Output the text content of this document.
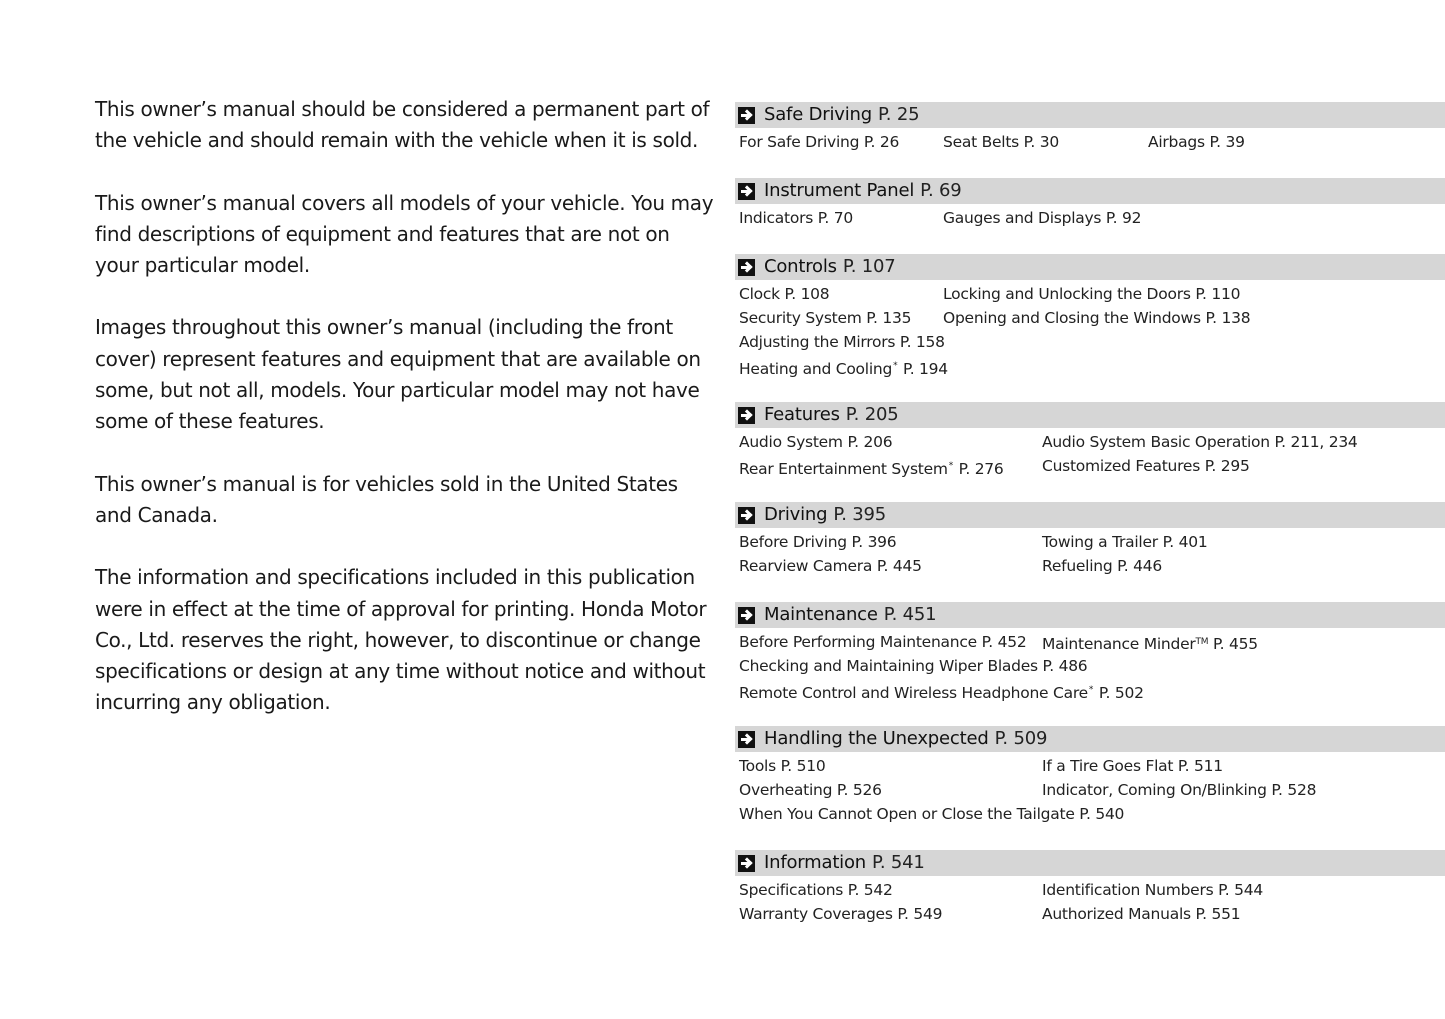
This owner’s manual should be considered a permanent part of the vehicle and should remain with the vehicle when it is sold.

This owner’s manual covers all models of your vehicle. You may find descriptions of equipment and features that are not on your particular model.

Images throughout this owner’s manual (including the front cover) represent features and equipment that are available on some, but not all, models. Your particular model may not have some of these features.

This owner’s manual is for vehicles sold in the United States and Canada.

The information and specifications included in this publication were in effect at the time of approval for printing. Honda Motor Co., Ltd. reserves the right, however, to discontinue or change specifications or design at any time without notice and without incurring any obligation.

Safe Driving P. 25
For Safe Driving P. 26	Seat Belts P. 30	Airbags P. 39
Instrument Panel P. 69
Indicators P. 70	Gauges and Displays P. 92
Controls P. 107
Clock P. 108	Locking and Unlocking the Doors P. 110
Security System P. 135	Opening and Closing the Windows P. 138
Adjusting the Mirrors P. 158
Heating and Cooling* P. 194
Features P. 205
Audio System P. 206	Audio System Basic Operation P. 211, 234
Rear Entertainment System* P. 276	Customized Features P. 295
Driving P. 395
Before Driving P. 396	Towing a Trailer P. 401
Rearview Camera P. 445	Refueling P. 446
Maintenance P. 451
Before Performing Maintenance P. 452	Maintenance Minder™ P. 455
Checking and Maintaining Wiper Blades P. 486
Remote Control and Wireless Headphone Care* P. 502
Handling the Unexpected P. 509
Tools P. 510	If a Tire Goes Flat P. 511
Overheating P. 526	Indicator, Coming On/Blinking P. 528
When You Cannot Open or Close the Tailgate P. 540
Information P. 541
Specifications P. 542	Identification Numbers P. 544
Warranty Coverages P. 549	Authorized Manuals P. 551
